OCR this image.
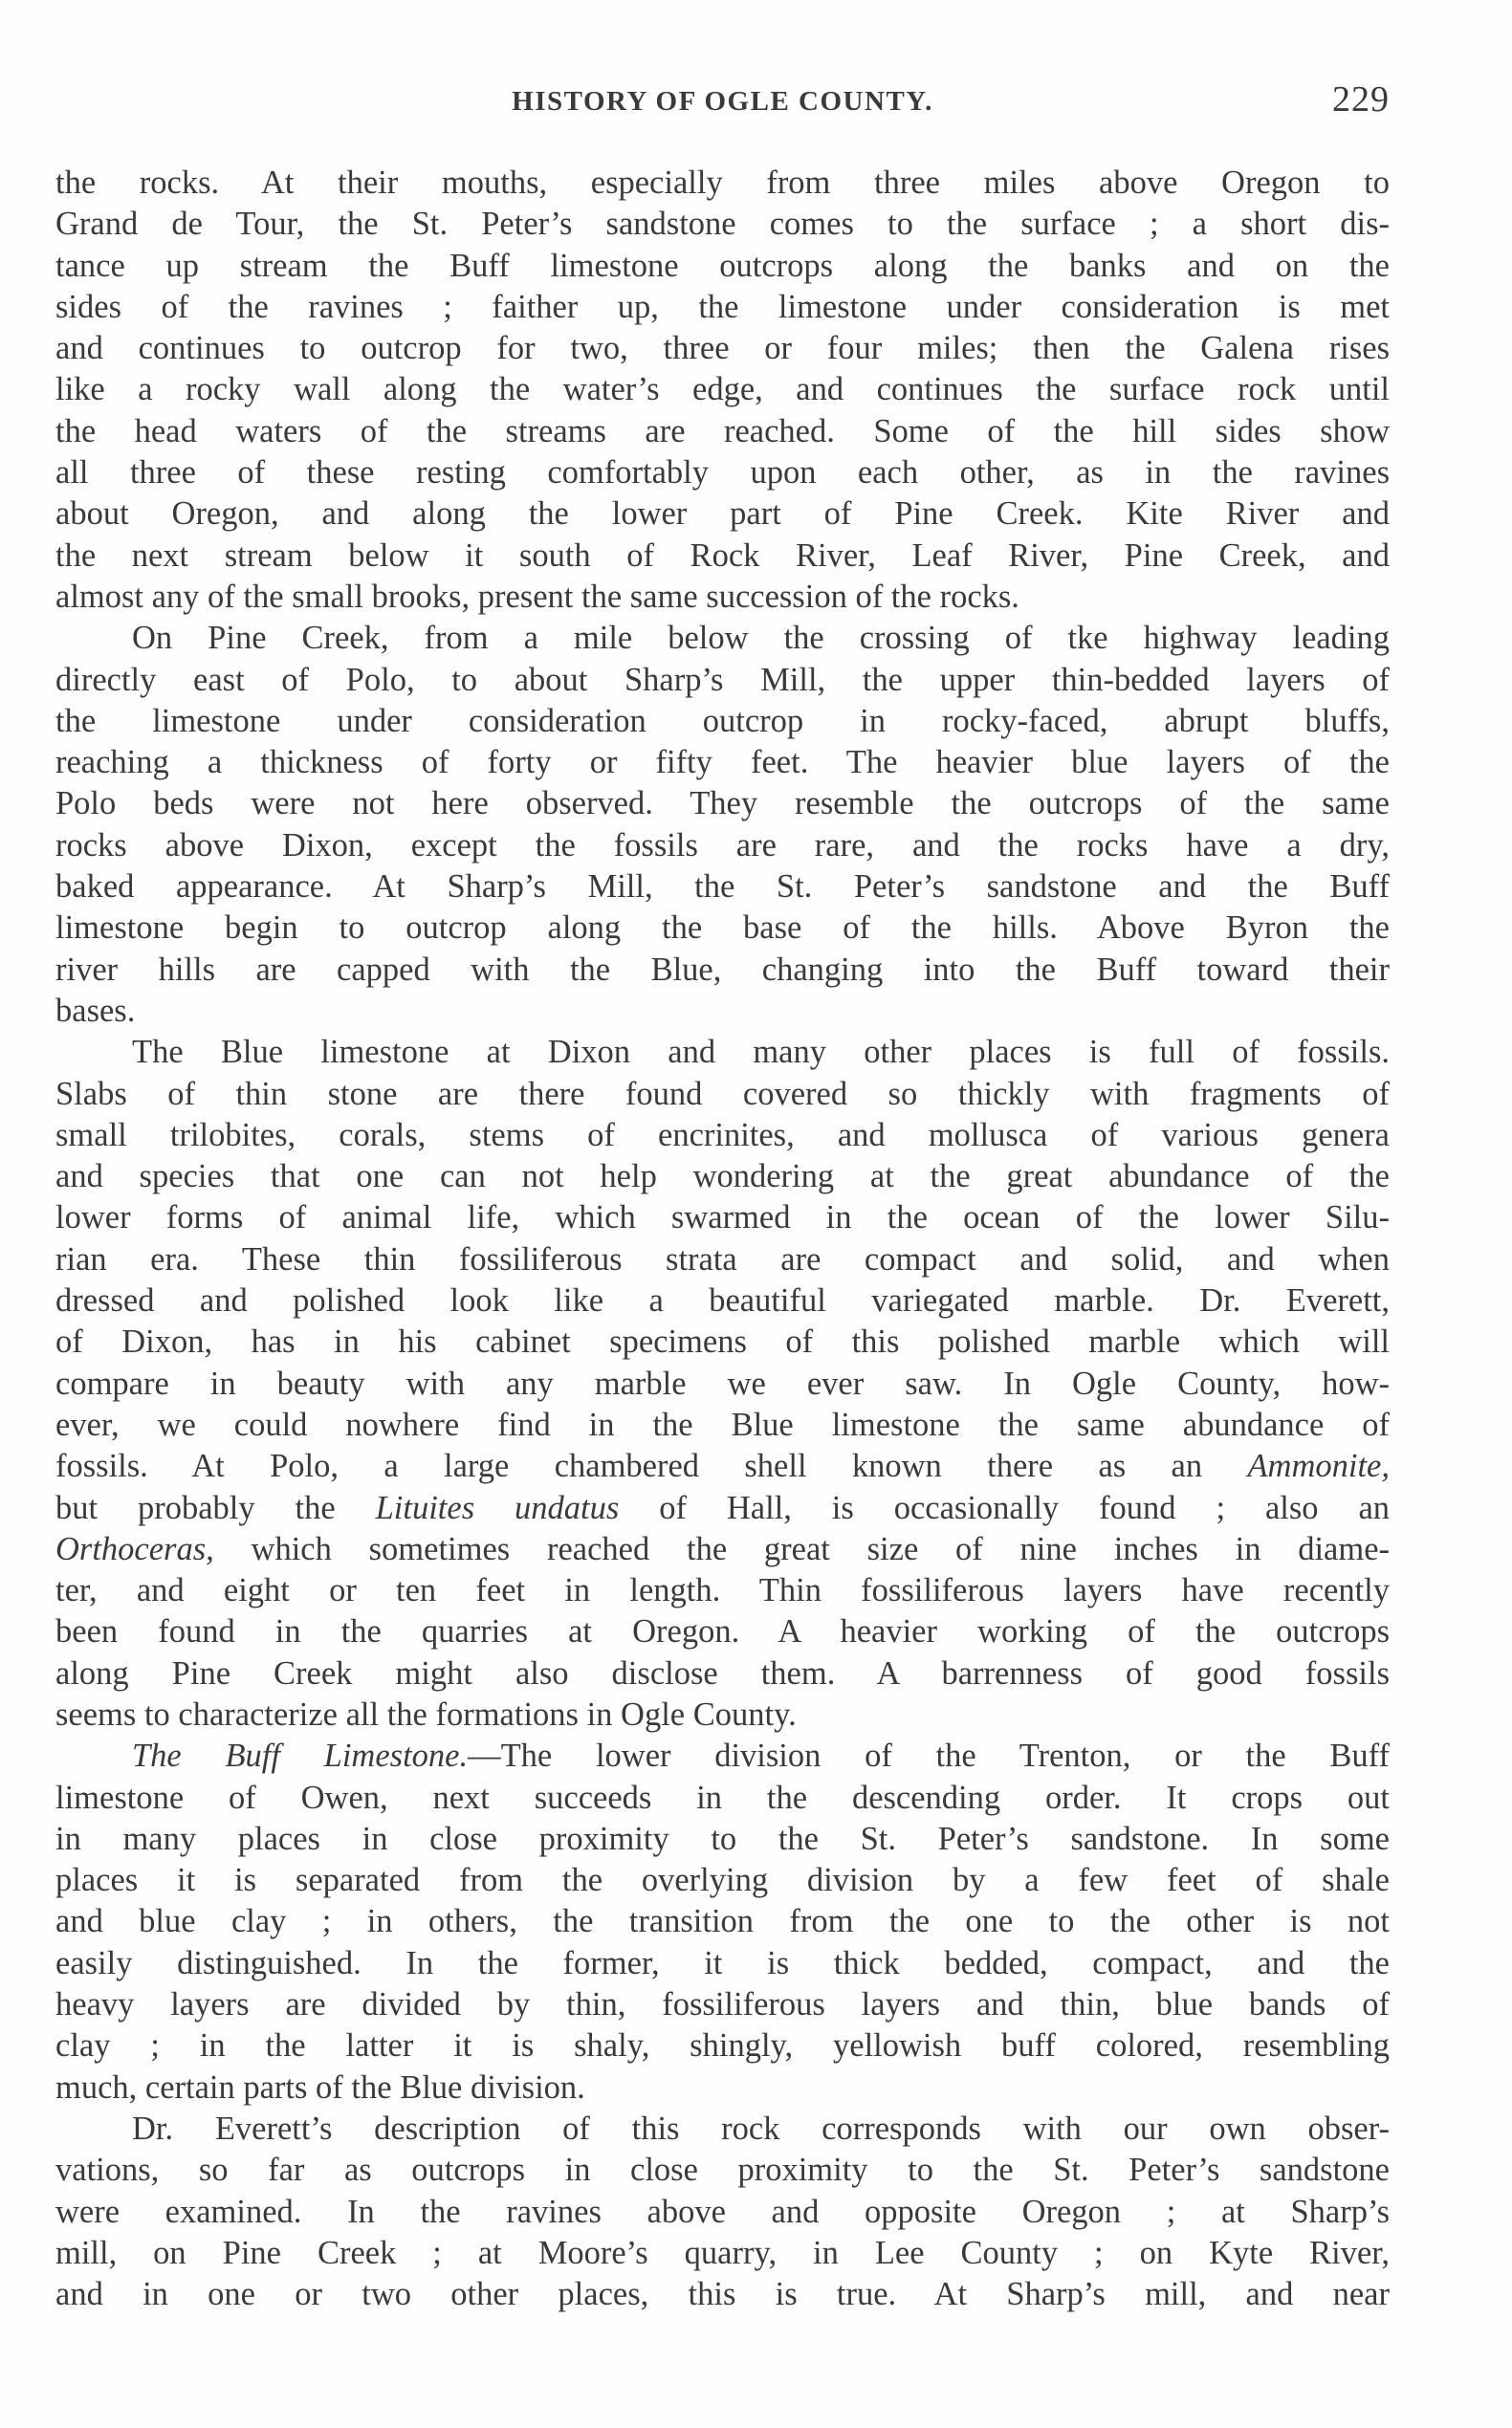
HISTORY OF OGLE COUNTY.	229
the rocks. At their mouths, especially from three miles above Oregon to
Grand de Tour, the St. Peter’s sandstone comes to the surface ; a short dis-
tance up stream the Buff limestone outcrops along the banks and on the
sides of the ravines ; faither up, the limestone under consideration is met
and continues to outcrop for two, three or four miles; then the Galena rises
like a rocky wall along the water’s edge, and continues the surface rock until
the head waters of the streams are reached. Some of the hill sides show
all three of these resting comfortably upon each other, as in the ravines
about Oregon, and along the lower part of Pine Creek. Kite River and
the next stream below it south of Rock River, Leaf River, Pine Creek, and
almost any of the small brooks, present the same succession of the rocks.
On Pine Creek, from a mile below the crossing of tke highway leading
directly east of Polo, to about Sharp’s Mill, the upper thin-bedded layers of
the limestone under consideration outcrop in rocky-faced, abrupt bluffs,
reaching a thickness of forty or fifty feet. The heavier blue layers of the
Polo beds were not here observed. They resemble the outcrops of the same
rocks above Dixon, except the fossils are rare, and the rocks have a dry,
baked appearance. At Sharp’s Mill, the St. Peter’s sandstone and the Buff
limestone begin to outcrop along the base of the hills. Above Byron the
river hills are capped with the Blue, changing into the Buff toward their
bases.
The Blue limestone at Dixon and many other places is full of fossils.
Slabs of thin stone are there found covered so thickly with fragments of
small trilobites, corals, stems of encrinites, and mollusca of various genera
and species that one can not help wondering at the great abundance of the
lower forms of animal life, which swarmed in the ocean of the lower Silu-
rian era. These thin fossiliferous strata are compact and solid, and when
dressed and polished look like a beautiful variegated marble. Dr. Everett,
of Dixon, has in his cabinet specimens of this polished marble which will
compare in beauty with any marble we ever saw. In Ogle County, how-
ever, we could nowhere find in the Blue limestone the same abundance of
fossils. At Polo, a large chambered shell known there as an Ammonite,
but probably the Lituites undatus of Hall, is occasionally found ; also an
Orthoceras, which sometimes reached the great size of nine inches in diame-
ter, and eight or ten feet in length. Thin fossiliferous layers have recently
been found in the quarries at Oregon. A heavier working of the outcrops
along Pine Creek might also disclose them. A barrenness of good fossils
seems to characterize all the formations in Ogle County.
The Buff Limestone.—The lower division of the Trenton, or the Buff
limestone of Owen, next succeeds in the descending order. It crops out
in many places in close proximity to the St. Peter’s sandstone. In some
places it is separated from the overlying division by a few feet of shale
and blue clay ; in others, the transition from the one to the other is not
easily distinguished. In the former, it is thick bedded, compact, and the
heavy layers are divided by thin, fossiliferous layers and thin, blue bands of
clay ; in the latter it is shaly, shingly, yellowish buff colored, resembling
much, certain parts of the Blue division.
Dr. Everett’s description of this rock corresponds with our own obser-
vations, so far as outcrops in close proximity to the St. Peter’s sandstone
were examined. In the ravines above and opposite Oregon ; at Sharp’s
mill, on Pine Creek ; at Moore’s quarry, in Lee County ; on Kyte River,
and in one or two other places, this is true. At Sharp’s mill, and near
